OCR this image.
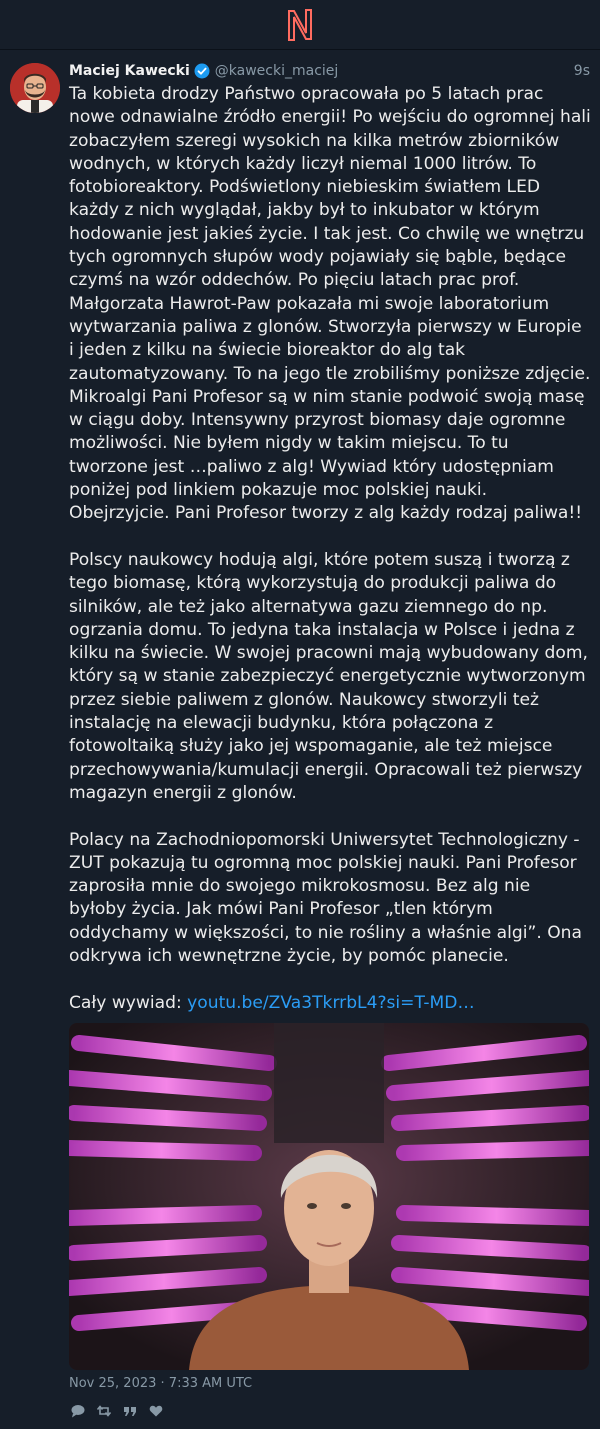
Maciej Kawecki @kawecki_maciej	9s

Ta kobieta drodzy Państwo opracowała po 5 latach prac nowe odnawialne źródło energii! Po wejściu do ogromnej hali zobaczyłem szeregi wysokich na kilka metrów zbiorników wodnych, w których każdy liczył niemal 1000 litrów. To fotobioreaktory. Podświetlony niebieskim światłem LED każdy z nich wyglądał, jakby był to inkubator w którym hodowanie jest jakieś życie. I tak jest. Co chwilę we wnętrzu tych ogromnych słupów wody pojawiały się bąble, będące czymś na wzór oddechów. Po pięciu latach prac prof. Małgorzata Hawrot-Paw pokazała mi swoje laboratorium wytwarzania paliwa z glonów. Stworzyła pierwszy w Europie i jeden z kilku na świecie bioreaktor do alg tak zautomatyzowany. To na jego tle zrobiliśmy poniższe zdjęcie. Mikroalgi Pani Profesor są w nim stanie podwoić swoją masę w ciągu doby. Intensywny przyrost biomasy daje ogromne możliwości. Nie byłem nigdy w takim miejscu. To tu tworzone jest …paliwo z alg! Wywiad który udostępniam poniżej pod linkiem pokazuje moc polskiej nauki. Obejrzyjcie. Pani Profesor tworzy z alg każdy rodzaj paliwa!!

Polscy naukowcy hodują algi, które potem suszą i tworzą z tego biomasę, którą wykorzystują do produkcji paliwa do silników, ale też jako alternatywa gazu ziemnego do np. ogrzania domu. To jedyna taka instalacja w Polsce i jedna z kilku na świecie. W swojej pracowni mają wybudowany dom, który są w stanie zabezpieczyć energetycznie wytworzonym przez siebie paliwem z glonów. Naukowcy stworzyli też instalację na elewacji budynku, która połączona z fotowoltaiką służy jako jej wspomaganie, ale też miejsce przechowywania/kumulacji energii. Opracowali też pierwszy magazyn energii z glonów.

Polacy na Zachodniopomorski Uniwersytet Technologiczny - ZUT pokazują tu ogromną moc polskiej nauki. Pani Profesor zaprosiła mnie do swojego mikrokosmosu. Bez alg nie byłoby życia. Jak mówi Pani Profesor „tlen którym oddychamy w większości, to nie rośliny a właśnie algi”. Ona odkrywa ich wewnętrzne życie, by pomóc planecie.

Cały wywiad: youtu.be/ZVa3TkrrbL4?si=T-MD…

Nov 25, 2023 · 7:33 AM UTC
